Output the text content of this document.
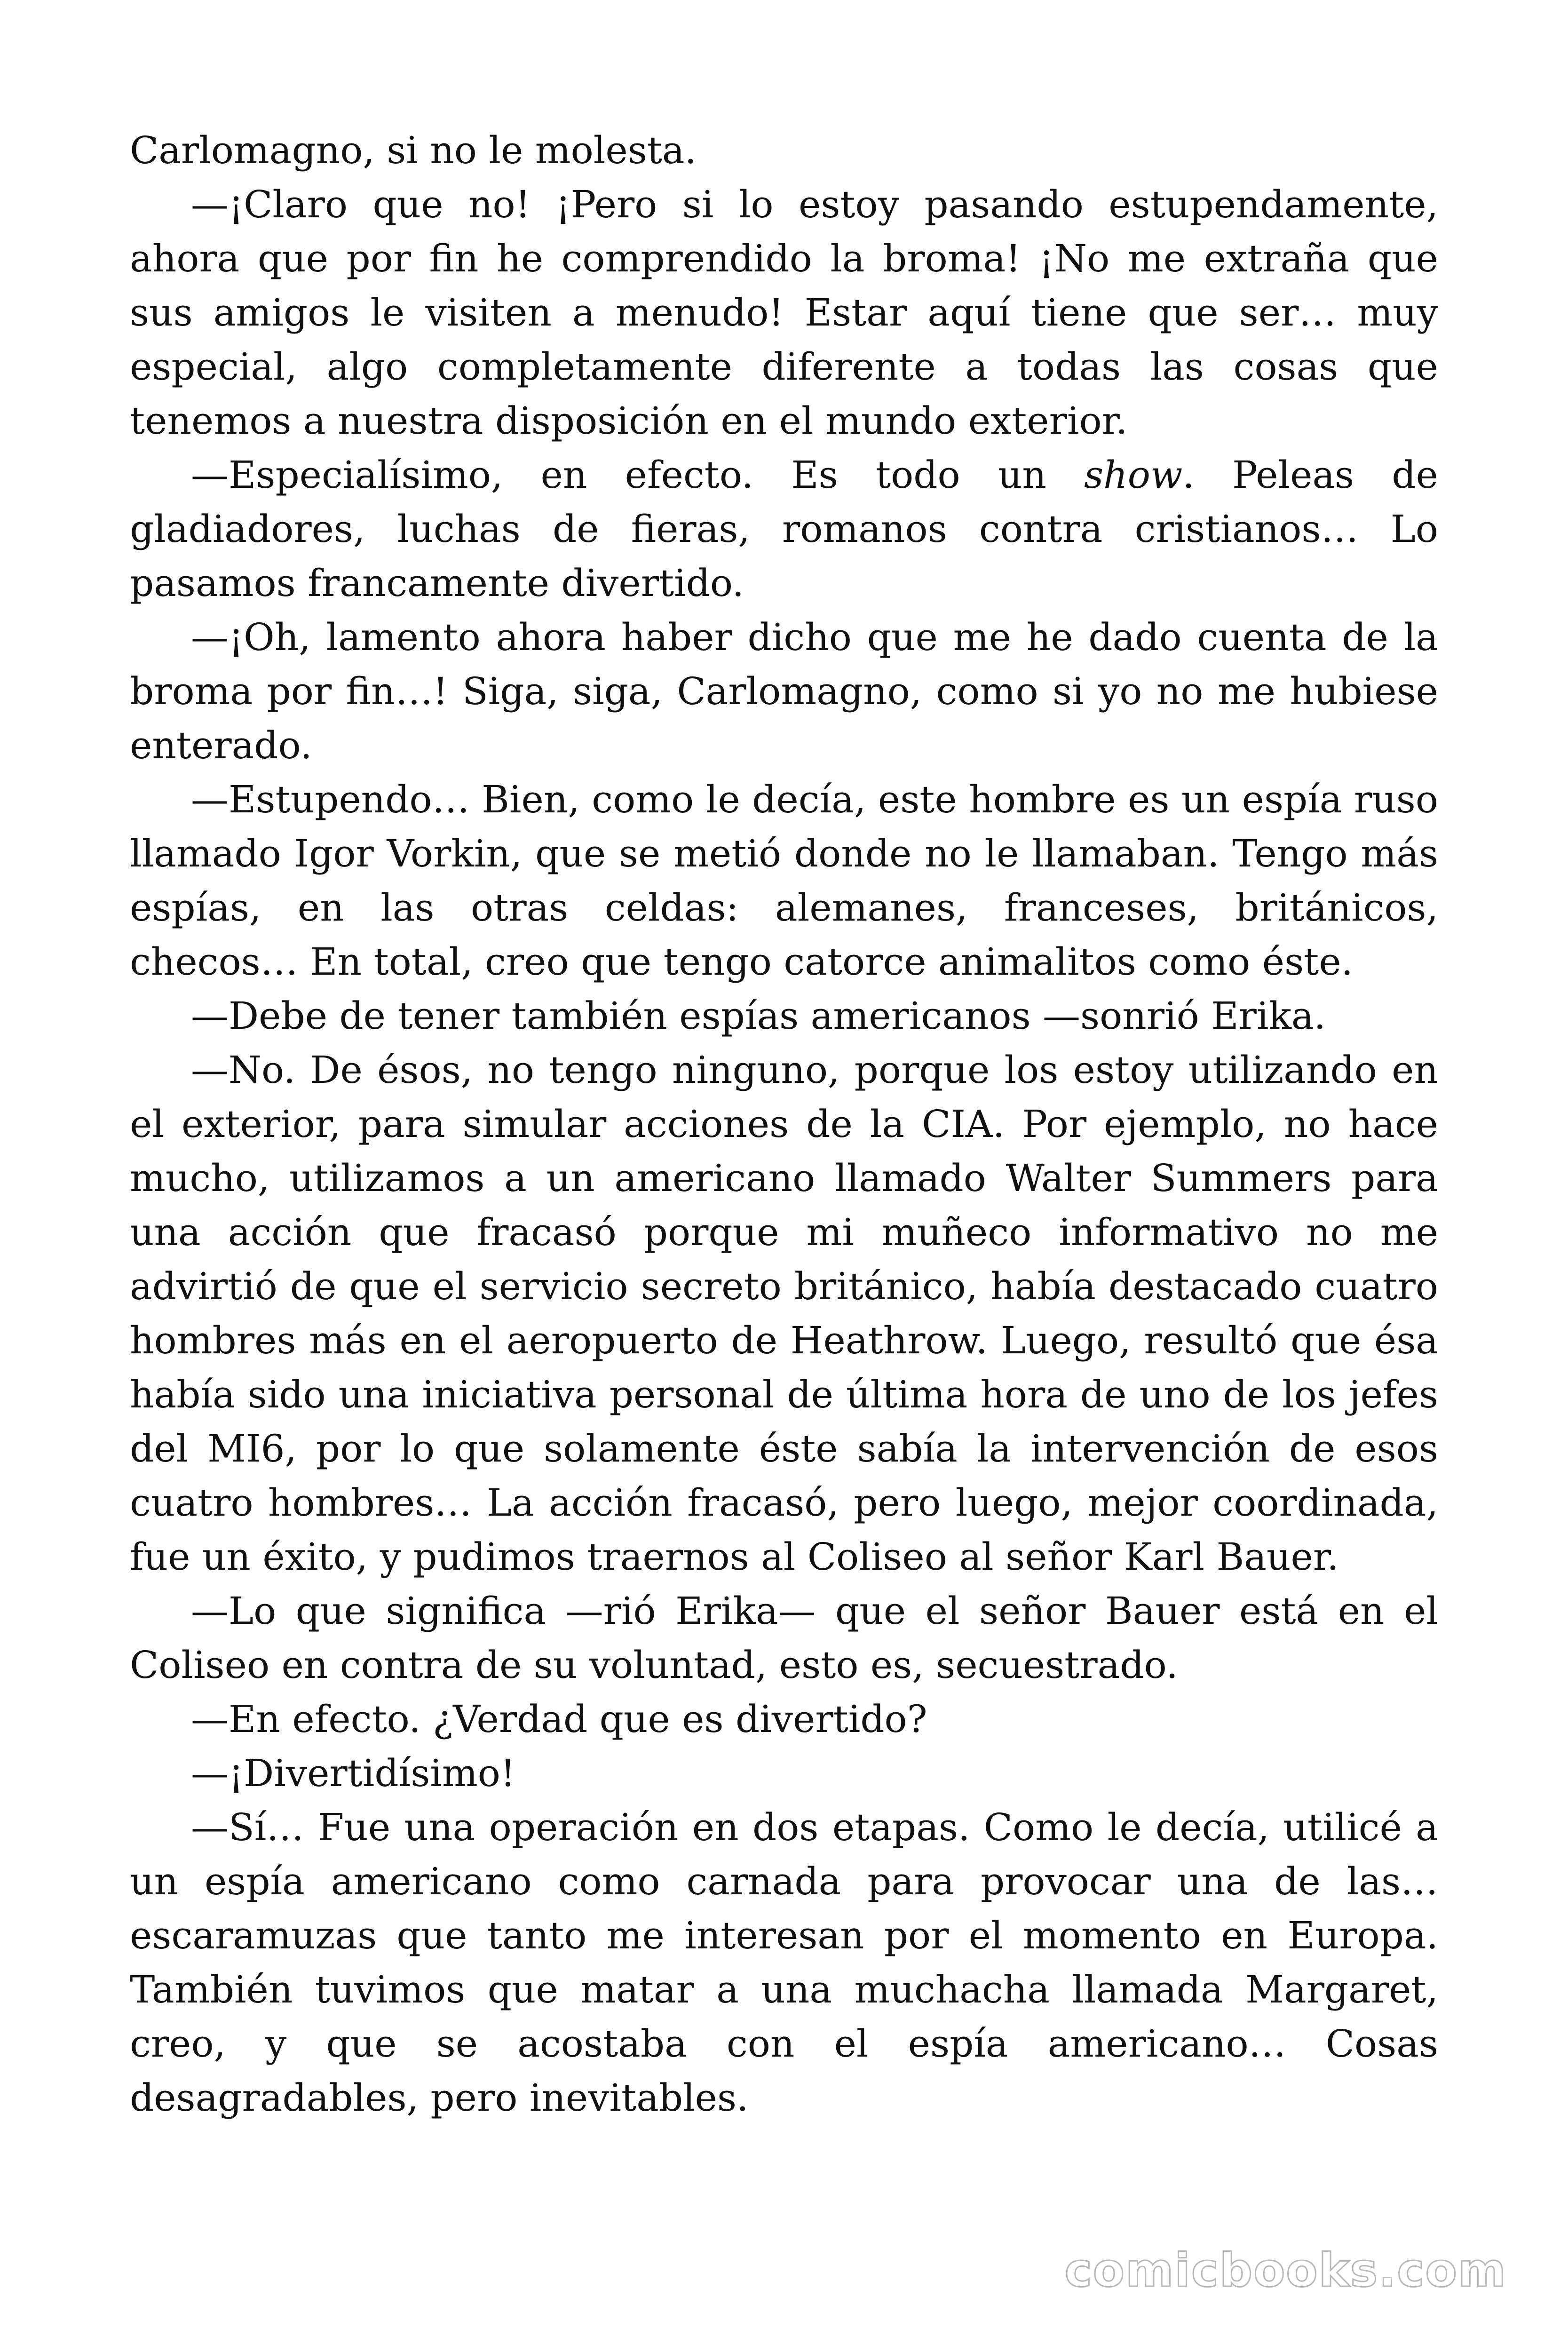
Carlomagno, si no le molesta.

—¡Claro que no! ¡Pero si lo estoy pasando estupendamente, ahora que por fin he comprendido la broma! ¡No me extraña que sus amigos le visiten a menudo! Estar aquí tiene que ser… muy especial, algo completamente diferente a todas las cosas que tenemos a nuestra disposición en el mundo exterior.

—Especialísimo, en efecto. Es todo un show. Peleas de gladiadores, luchas de fieras, romanos contra cristianos… Lo pasamos francamente divertido.

—¡Oh, lamento ahora haber dicho que me he dado cuenta de la broma por fin…! Siga, siga, Carlomagno, como si yo no me hubiese enterado.

—Estupendo… Bien, como le decía, este hombre es un espía ruso llamado Igor Vorkin, que se metió donde no le llamaban. Tengo más espías, en las otras celdas: alemanes, franceses, británicos, checos… En total, creo que tengo catorce animalitos como éste.

—Debe de tener también espías americanos —sonrió Erika.

—No. De ésos, no tengo ninguno, porque los estoy utilizando en el exterior, para simular acciones de la CIA. Por ejemplo, no hace mucho, utilizamos a un americano llamado Walter Summers para una acción que fracasó porque mi muñeco informativo no me advirtió de que el servicio secreto británico, había destacado cuatro hombres más en el aeropuerto de Heathrow. Luego, resultó que ésa había sido una iniciativa personal de última hora de uno de los jefes del MI6, por lo que solamente éste sabía la intervención de esos cuatro hombres… La acción fracasó, pero luego, mejor coordinada, fue un éxito, y pudimos traernos al Coliseo al señor Karl Bauer.

—Lo que significa —rió Erika— que el señor Bauer está en el Coliseo en contra de su voluntad, esto es, secuestrado.

—En efecto. ¿Verdad que es divertido?

—¡Divertidísimo!

—Sí… Fue una operación en dos etapas. Como le decía, utilicé a un espía americano como carnada para provocar una de las… escaramuzas que tanto me interesan por el momento en Europa. También tuvimos que matar a una muchacha llamada Margaret, creo, y que se acostaba con el espía americano… Cosas desagradables, pero inevitables.

comicbooks.com
